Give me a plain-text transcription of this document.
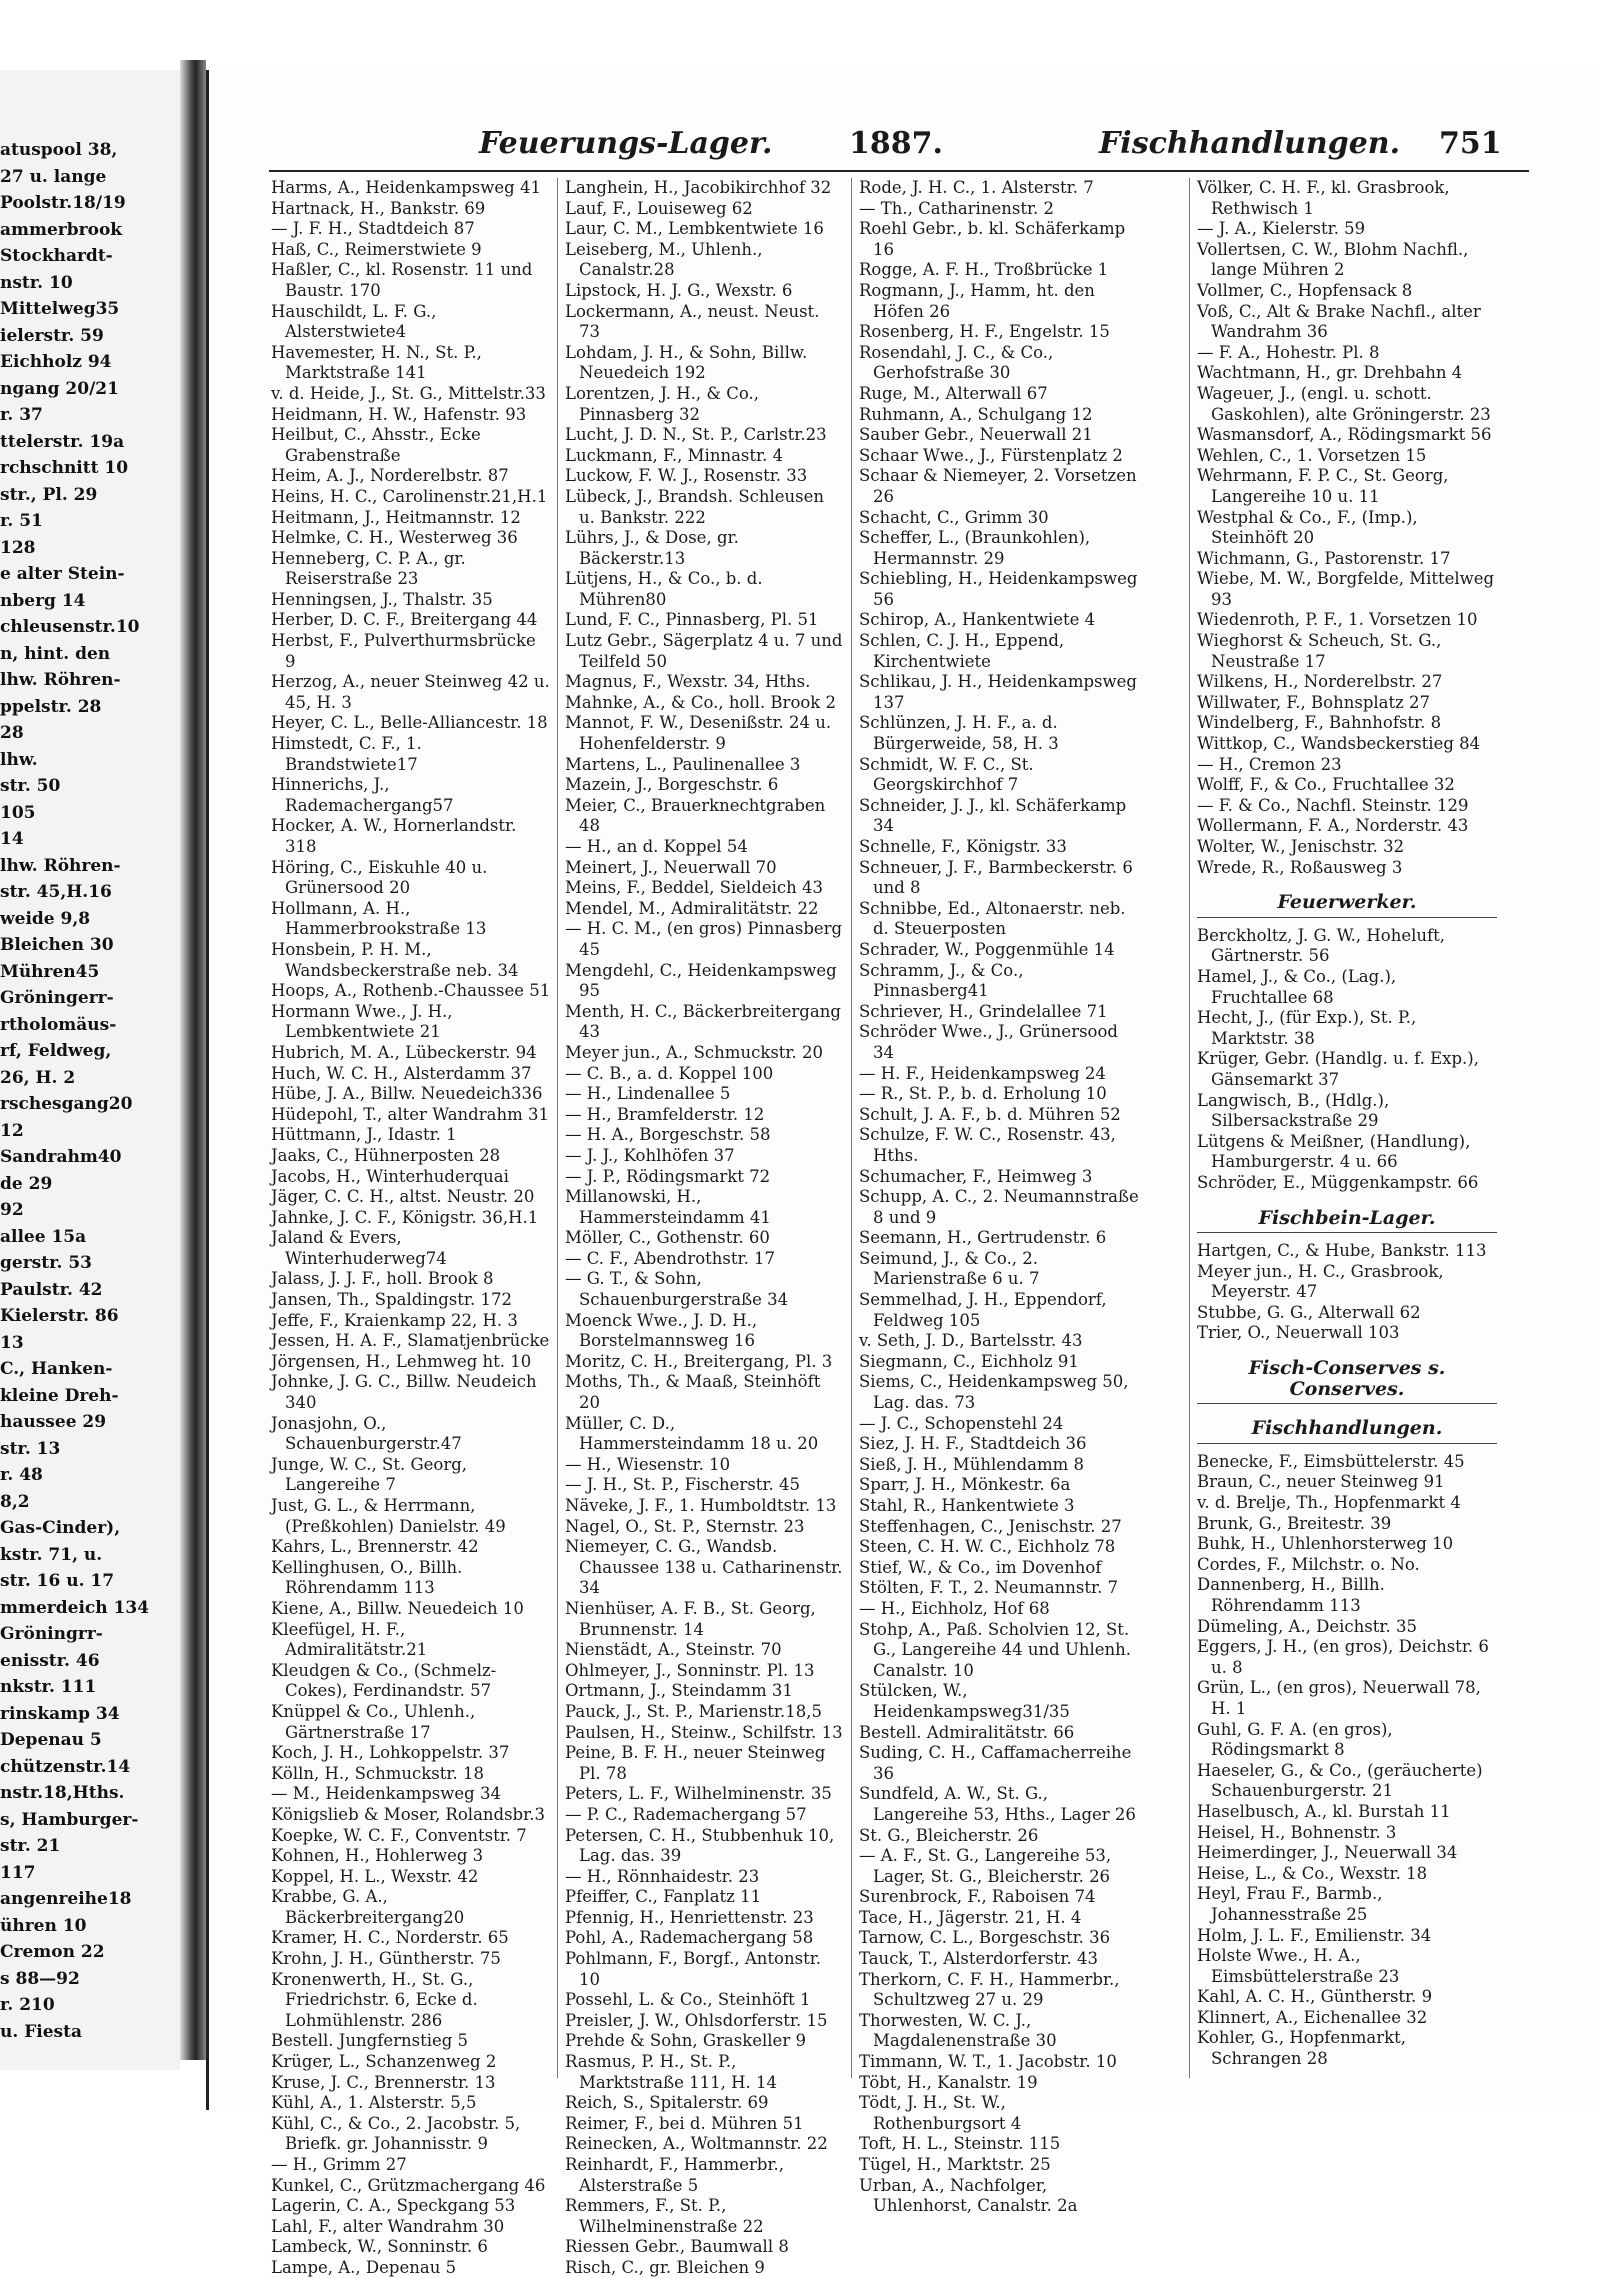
atuspool 38,
27 u. lange
Poolstr.18/19
ammerbrook
Stockhardt-
nstr. 10
Mittelweg35
ielerstr. 59
Eichholz 94
ngang 20/21
r. 37
ttelerstr. 19a
rchschnitt 10
str., Pl. 29
r. 51
128
e alter Stein-
nberg 14
chleusenstr.10
n, hint. den
lhw. Röhren-
ppelstr. 28
28
lhw.
str. 50
105
14
lhw. Röhren-
str. 45,H.16
weide 9,8
Bleichen 30
Mühren45
Gröningerr-
rtholomäus-
rf, Feldweg,
26, H. 2
rschesgang20
12
Sandrahm40
de 29
92
allee 15a
gerstr. 53
Paulstr. 42
Kielerstr. 86
13
C., Hanken-
kleine Dreh-
haussee 29
str. 13
r. 48
8,2
Gas-Cinder),
kstr. 71, u.
str. 16 u. 17
mmerdeich 134
Gröningrr-
enisstr. 46
nkstr. 111
rinskamp 34
Depenau 5
chützenstr.14
nstr.18,Hths.
s, Hamburger-
str. 21
117
angenreihe18
ühren 10
Cremon 22
s 88—92
r. 210
u. Fiesta
Feuerungs-Lager.	1887.	Fischhandlungen. 751

Harms, A., Heidenkampsweg 41

Hartnack, H., Bankstr. 69

— J. F. H., Stadtdeich 87

Haß, C., Reimerstwiete 9

Haßler, C., kl. Rosenstr. 11 und Baustr. 170

Hauschildt, L. F. G., Alsterstwiete4

Havemester, H. N., St. P., Marktstraße 141

v. d. Heide, J., St. G., Mittelstr.33

Heidmann, H. W., Hafenstr. 93

Heilbut, C., Ahsstr., Ecke Grabenstraße

Heim, A. J., Norderelbstr. 87

Heins, H. C., Carolinenstr.21,H.1

Heitmann, J., Heitmannstr. 12

Helmke, C. H., Westerweg 36

Henneberg, C. P. A., gr. Reiserstraße 23

Henningsen, J., Thalstr. 35

Herber, D. C. F., Breitergang 44

Herbst, F., Pulverthurmsbrücke 9

Herzog, A., neuer Steinweg 42 u. 45, H. 3

Heyer, C. L., Belle-Alliancestr. 18

Himstedt, C. F., 1. Brandstwiete17

Hinnerichs, J., Rademachergang57

Hocker, A. W., Hornerlandstr. 318

Höring, C., Eiskuhle 40 u. Grünersood 20

Hollmann, A. H., Hammerbrookstraße 13

Honsbein, P. H. M., Wandsbeckerstraße neb. 34

Hoops, A., Rothenb.-Chaussee 51

Hormann Wwe., J. H., Lembkentwiete 21

Hubrich, M. A., Lübeckerstr. 94

Huch, W. C. H., Alsterdamm 37

Hübe, J. A., Billw. Neuedeich336

Hüdepohl, T., alter Wandrahm 31

Hüttmann, J., Idastr. 1

Jaaks, C., Hühnerposten 28

Jacobs, H., Winterhuderquai

Jäger, C. C. H., altst. Neustr. 20

Jahnke, J. C. F., Königstr. 36,H.1

Jaland & Evers, Winterhuderweg74

Jalass, J. J. F., holl. Brook 8

Jansen, Th., Spaldingstr. 172

Jeffe, F., Kraienkamp 22, H. 3

Jessen, H. A. F., Slamatjenbrücke

Jörgensen, H., Lehmweg ht. 10

Johnke, J. G. C., Billw. Neudeich 340

Jonasjohn, O., Schauenburgerstr.47

Junge, W. C., St. Georg, Langereihe 7

Just, G. L., & Herrmann, (Preßkohlen) Danielstr. 49

Kahrs, L., Brennerstr. 42

Kellinghusen, O., Billh. Röhrendamm 113

Kiene, A., Billw. Neuedeich 10

Kleefügel, H. F., Admiralitätstr.21

Kleudgen & Co., (Schmelz-Cokes), Ferdinandstr. 57

Knüppel & Co., Uhlenh., Gärtnerstraße 17

Koch, J. H., Lohkoppelstr. 37

Kölln, H., Schmuckstr. 18

— M., Heidenkampsweg 34

Königslieb & Moser, Rolandsbr.3

Koepke, W. C. F., Conventstr. 7

Kohnen, H., Hohlerweg 3

Koppel, H. L., Wexstr. 42

Krabbe, G. A., Bäckerbreitergang20

Kramer, H. C., Norderstr. 65

Krohn, J. H., Güntherstr. 75

Kronenwerth, H., St. G., Friedrichstr. 6, Ecke d. Lohmühlenstr. 286

Bestell. Jungfernstieg 5

Krüger, L., Schanzenweg 2

Kruse, J. C., Brennerstr. 13

Kühl, A., 1. Alsterstr. 5,5

Kühl, C., & Co., 2. Jacobstr. 5, Briefk. gr. Johannisstr. 9

— H., Grimm 27

Kunkel, C., Grützmachergang 46

Lagerin, C. A., Speckgang 53

Lahl, F., alter Wandrahm 30

Lambeck, W., Sonninstr. 6

Lampe, A., Depenau 5

Langhein, H., Jacobikirchhof 32

Lauf, F., Louiseweg 62

Laur, C. M., Lembkentwiete 16

Leiseberg, M., Uhlenh., Canalstr.28

Lipstock, H. J. G., Wexstr. 6

Lockermann, A., neust. Neust. 73

Lohdam, J. H., & Sohn, Billw. Neuedeich 192

Lorentzen, J. H., & Co., Pinnasberg 32

Lucht, J. D. N., St. P., Carlstr.23

Luckmann, F., Minnastr. 4

Luckow, F. W. J., Rosenstr. 33

Lübeck, J., Brandsh. Schleusen u. Bankstr. 222

Lührs, J., & Dose, gr. Bäckerstr.13

Lütjens, H., & Co., b. d. Mühren80

Lund, F. C., Pinnasberg, Pl. 51

Lutz Gebr., Sägerplatz 4 u. 7 und Teilfeld 50

Magnus, F., Wexstr. 34, Hths.

Mahnke, A., & Co., holl. Brook 2

Mannot, F. W., Desenißstr. 24 u. Hohenfelderstr. 9

Martens, L., Paulinenallee 3

Mazein, J., Borgeschstr. 6

Meier, C., Brauerknechtgraben 48

— H., an d. Koppel 54

Meinert, J., Neuerwall 70

Meins, F., Beddel, Sieldeich 43

Mendel, M., Admiralitätstr. 22

— H. C. M., (en gros) Pinnasberg 45

Mengdehl, C., Heidenkampsweg 95

Menth, H. C., Bäckerbreitergang 43

Meyer jun., A., Schmuckstr. 20

— C. B., a. d. Koppel 100

— H., Lindenallee 5

— H., Bramfelderstr. 12

— H. A., Borgeschstr. 58

— J. J., Kohlhöfen 37

— J. P., Rödingsmarkt 72

Millanowski, H., Hammersteindamm 41

Möller, C., Gothenstr. 60

— C. F., Abendrothstr. 17

— G. T., & Sohn, Schauenburgerstraße 34

Moenck Wwe., J. D. H., Borstelmannsweg 16

Moritz, C. H., Breitergang, Pl. 3

Moths, Th., & Maaß, Steinhöft 20

Müller, C. D., Hammersteindamm 18 u. 20

— H., Wiesenstr. 10

— J. H., St. P., Fischerstr. 45

Näveke, J. F., 1. Humboldtstr. 13

Nagel, O., St. P., Sternstr. 23

Niemeyer, C. G., Wandsb. Chaussee 138 u. Catharinenstr. 34

Nienhüser, A. F. B., St. Georg, Brunnenstr. 14

Nienstädt, A., Steinstr. 70

Ohlmeyer, J., Sonninstr. Pl. 13

Ortmann, J., Steindamm 31

Pauck, J., St. P., Marienstr.18,5

Paulsen, H., Steinw., Schilfstr. 13

Peine, B. F. H., neuer Steinweg Pl. 78

Peters, L. F., Wilhelminenstr. 35

— P. C., Rademachergang 57

Petersen, C. H., Stubbenhuk 10, Lag. das. 39

— H., Rönnhaidestr. 23

Pfeiffer, C., Fanplatz 11

Pfennig, H., Henriettenstr. 23

Pohl, A., Rademachergang 58

Pohlmann, F., Borgf., Antonstr. 10

Possehl, L. & Co., Steinhöft 1

Preisler, J. W., Ohlsdorferstr. 15

Prehde & Sohn, Graskeller 9

Rasmus, P. H., St. P., Marktstraße 111, H. 14

Reich, S., Spitalerstr. 69

Reimer, F., bei d. Mühren 51

Reinecken, A., Woltmannstr. 22

Reinhardt, F., Hammerbr., Alsterstraße 5

Remmers, F., St. P., Wilhelminenstraße 22

Riessen Gebr., Baumwall 8

Risch, C., gr. Bleichen 9

Rode, J. H. C., 1. Alsterstr. 7

— Th., Catharinenstr. 2

Roehl Gebr., b. kl. Schäferkamp 16

Rogge, A. F. H., Troßbrücke 1

Rogmann, J., Hamm, ht. den Höfen 26

Rosenberg, H. F., Engelstr. 15

Rosendahl, J. C., & Co., Gerhofstraße 30

Ruge, M., Alterwall 67

Ruhmann, A., Schulgang 12

Sauber Gebr., Neuerwall 21

Schaar Wwe., J., Fürstenplatz 2

Schaar & Niemeyer, 2. Vorsetzen 26

Schacht, C., Grimm 30

Scheffer, L., (Braunkohlen), Hermannstr. 29

Schiebling, H., Heidenkampsweg 56

Schirop, A., Hankentwiete 4

Schlen, C. J. H., Eppend, Kirchentwiete

Schlikau, J. H., Heidenkampsweg 137

Schlünzen, J. H. F., a. d. Bürgerweide, 58, H. 3

Schmidt, W. F. C., St. Georgskirchhof 7

Schneider, J. J., kl. Schäferkamp 34

Schnelle, F., Königstr. 33

Schneuer, J. F., Barmbeckerstr. 6 und 8

Schnibbe, Ed., Altonaerstr. neb. d. Steuerposten

Schrader, W., Poggenmühle 14

Schramm, J., & Co., Pinnasberg41

Schriever, H., Grindelallee 71

Schröder Wwe., J., Grünersood 34

— H. F., Heidenkampsweg 24

— R., St. P., b. d. Erholung 10

Schult, J. A. F., b. d. Mühren 52

Schulze, F. W. C., Rosenstr. 43, Hths.

Schumacher, F., Heimweg 3

Schupp, A. C., 2. Neumannstraße 8 und 9

Seemann, H., Gertrudenstr. 6

Seimund, J., & Co., 2. Marienstraße 6 u. 7

Semmelhad, J. H., Eppendorf, Feldweg 105

v. Seth, J. D., Bartelsstr. 43

Siegmann, C., Eichholz 91

Siems, C., Heidenkampsweg 50, Lag. das. 73

— J. C., Schopenstehl 24

Siez, J. H. F., Stadtdeich 36

Sieß, J. H., Mühlendamm 8

Sparr, J. H., Mönkestr. 6a

Stahl, R., Hankentwiete 3

Steffenhagen, C., Jenischstr. 27

Steen, C. H. W. C., Eichholz 78

Stief, W., & Co., im Dovenhof

Stölten, F. T., 2. Neumannstr. 7

— H., Eichholz, Hof 68

Stohp, A., Paß. Scholvien 12, St. G., Langereihe 44 und Uhlenh. Canalstr. 10

Stülcken, W., Heidenkampsweg31/35

Bestell. Admiralitätstr. 66

Suding, C. H., Caffamacherreihe 36

Sundfeld, A. W., St. G., Langereihe 53, Hths., Lager 26

St. G., Bleicherstr. 26

— A. F., St. G., Langereihe 53, Lager, St. G., Bleicherstr. 26

Surenbrock, F., Raboisen 74

Tace, H., Jägerstr. 21, H. 4

Tarnow, C. L., Borgeschstr. 36

Tauck, T., Alsterdorferstr. 43

Therkorn, C. F. H., Hammerbr., Schultzweg 27 u. 29

Thorwesten, W. C. J., Magdalenenstraße 30

Timmann, W. T., 1. Jacobstr. 10

Töbt, H., Kanalstr. 19

Tödt, J. H., St. W., Rothenburgsort 4

Toft, H. L., Steinstr. 115

Tügel, H., Marktstr. 25

Urban, A., Nachfolger, Uhlenhorst, Canalstr. 2a

Völker, C. H. F., kl. Grasbrook, Rethwisch 1

— J. A., Kielerstr. 59

Vollertsen, C. W., Blohm Nachfl., lange Mühren 2

Vollmer, C., Hopfensack 8

Voß, C., Alt & Brake Nachfl., alter Wandrahm 36

— F. A., Hohestr. Pl. 8

Wachtmann, H., gr. Drehbahn 4

Wageuer, J., (engl. u. schott. Gaskohlen), alte Gröningerstr. 23

Wasmansdorf, A., Rödingsmarkt 56

Wehlen, C., 1. Vorsetzen 15

Wehrmann, F. P. C., St. Georg, Langereihe 10 u. 11

Westphal & Co., F., (Imp.), Steinhöft 20

Wichmann, G., Pastorenstr. 17

Wiebe, M. W., Borgfelde, Mittelweg 93

Wiedenroth, P. F., 1. Vorsetzen 10

Wieghorst & Scheuch, St. G., Neustraße 17

Wilkens, H., Norderelbstr. 27

Willwater, F., Bohnsplatz 27

Windelberg, F., Bahnhofstr. 8

Wittkop, C., Wandsbeckerstieg 84

— H., Cremon 23

Wolff, F., & Co., Fruchtallee 32

— F. & Co., Nachfl. Steinstr. 129

Wollermann, F. A., Norderstr. 43

Wolter, W., Jenischstr. 32

Wrede, R., Roßausweg 3

Feuerwerker.

Berckholtz, J. G. W., Hoheluft, Gärtnerstr. 56

Hamel, J., & Co., (Lag.), Fruchtallee 68

Hecht, J., (für Exp.), St. P., Marktstr. 38

Krüger, Gebr. (Handlg. u. f. Exp.), Gänsemarkt 37

Langwisch, B., (Hdlg.), Silbersackstraße 29

Lütgens & Meißner, (Handlung), Hamburgerstr. 4 u. 66

Schröder, E., Müggenkampstr. 66

Fischbein-Lager.

Hartgen, C., & Hube, Bankstr. 113

Meyer jun., H. C., Grasbrook, Meyerstr. 47

Stubbe, G. G., Alterwall 62

Trier, O., Neuerwall 103

Fisch-Conserves s. Conserves.
Fischhandlungen.

Benecke, F., Eimsbüttelerstr. 45

Braun, C., neuer Steinweg 91

v. d. Brelje, Th., Hopfenmarkt 4

Brunk, G., Breitestr. 39

Buhk, H., Uhlenhorsterweg 10

Cordes, F., Milchstr. o. No.

Dannenberg, H., Billh. Röhrendamm 113

Dümeling, A., Deichstr. 35

Eggers, J. H., (en gros), Deichstr. 6 u. 8

Grün, L., (en gros), Neuerwall 78, H. 1

Guhl, G. F. A. (en gros), Rödingsmarkt 8

Haeseler, G., & Co., (geräucherte) Schauenburgerstr. 21

Haselbusch, A., kl. Burstah 11

Heisel, H., Bohnenstr. 3

Heimerdinger, J., Neuerwall 34

Heise, L., & Co., Wexstr. 18

Heyl, Frau F., Barmb., Johannesstraße 25

Holm, J. L. F., Emilienstr. 34

Holste Wwe., H. A., Eimsbüttelerstraße 23

Kahl, A. C. H., Güntherstr. 9

Klinnert, A., Eichenallee 32

Kohler, G., Hopfenmarkt, Schrangen 28
